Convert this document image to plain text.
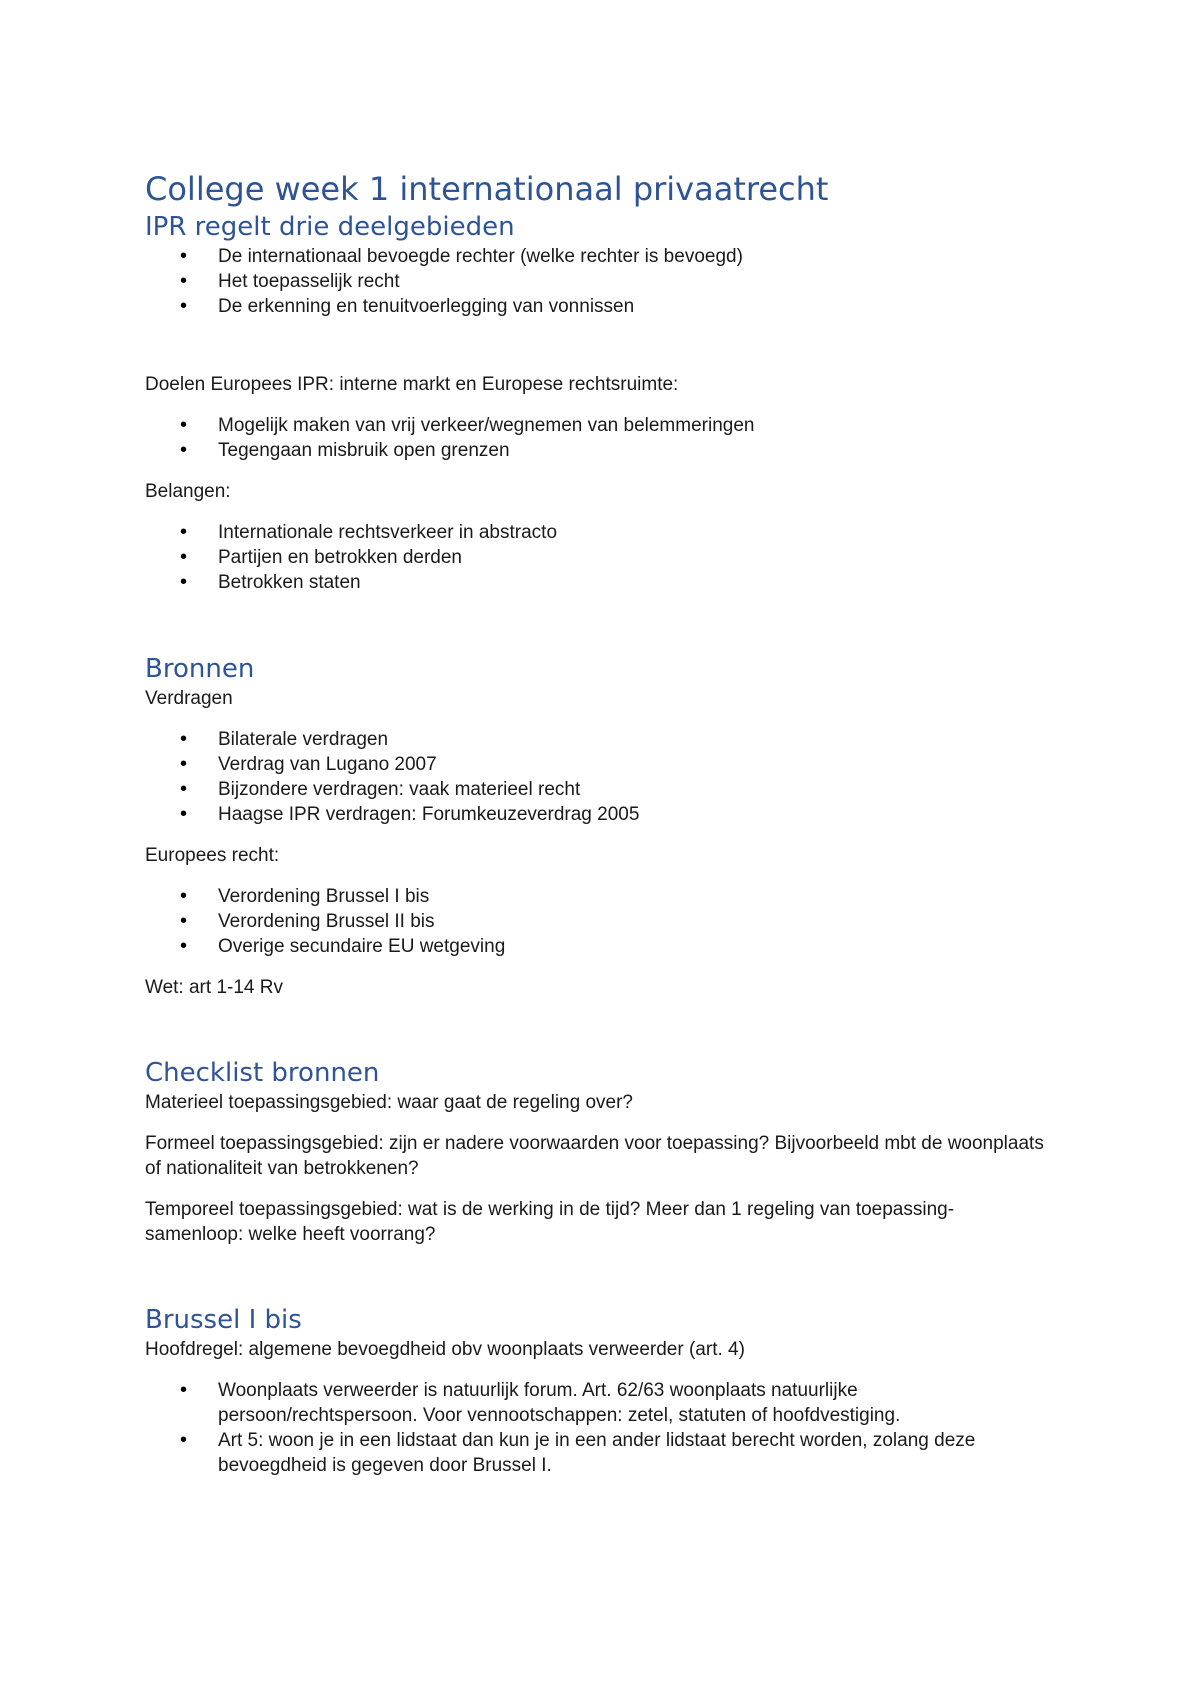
College week 1 internationaal privaatrecht
IPR regelt drie deelgebieden
• De internationaal bevoegde rechter (welke rechter is bevoegd)
• Het toepasselijk recht
• De erkenning en tenuitvoerlegging van vonnissen

Doelen Europees IPR: interne markt en Europese rechtsruimte:

• Mogelijk maken van vrij verkeer/wegnemen van belemmeringen
• Tegengaan misbruik open grenzen

Belangen:

• Internationale rechtsverkeer in abstracto
• Partijen en betrokken derden
• Betrokken staten
Bronnen

Verdragen

• Bilaterale verdragen
• Verdrag van Lugano 2007
• Bijzondere verdragen: vaak materieel recht
• Haagse IPR verdragen: Forumkeuzeverdrag 2005

Europees recht:

• Verordening Brussel I bis
• Verordening Brussel II bis
• Overige secundaire EU wetgeving

Wet: art 1-14 Rv

Checklist bronnen

Materieel toepassingsgebied: waar gaat de regeling over?

Formeel toepassingsgebied: zijn er nadere voorwaarden voor toepassing? Bijvoorbeeld mbt de woonplaats of nationaliteit van betrokkenen?

Temporeel toepassingsgebied: wat is de werking in de tijd? Meer dan 1 regeling van toepassing- samenloop: welke heeft voorrang?

Brussel I bis

Hoofdregel: algemene bevoegdheid obv woonplaats verweerder (art. 4)

• Woonplaats verweerder is natuurlijk forum. Art. 62/63 woonplaats natuurlijke persoon/rechtspersoon. Voor vennootschappen: zetel, statuten of hoofdvestiging.
• Art 5: woon je in een lidstaat dan kun je in een ander lidstaat berecht worden, zolang deze bevoegdheid is gegeven door Brussel I.
